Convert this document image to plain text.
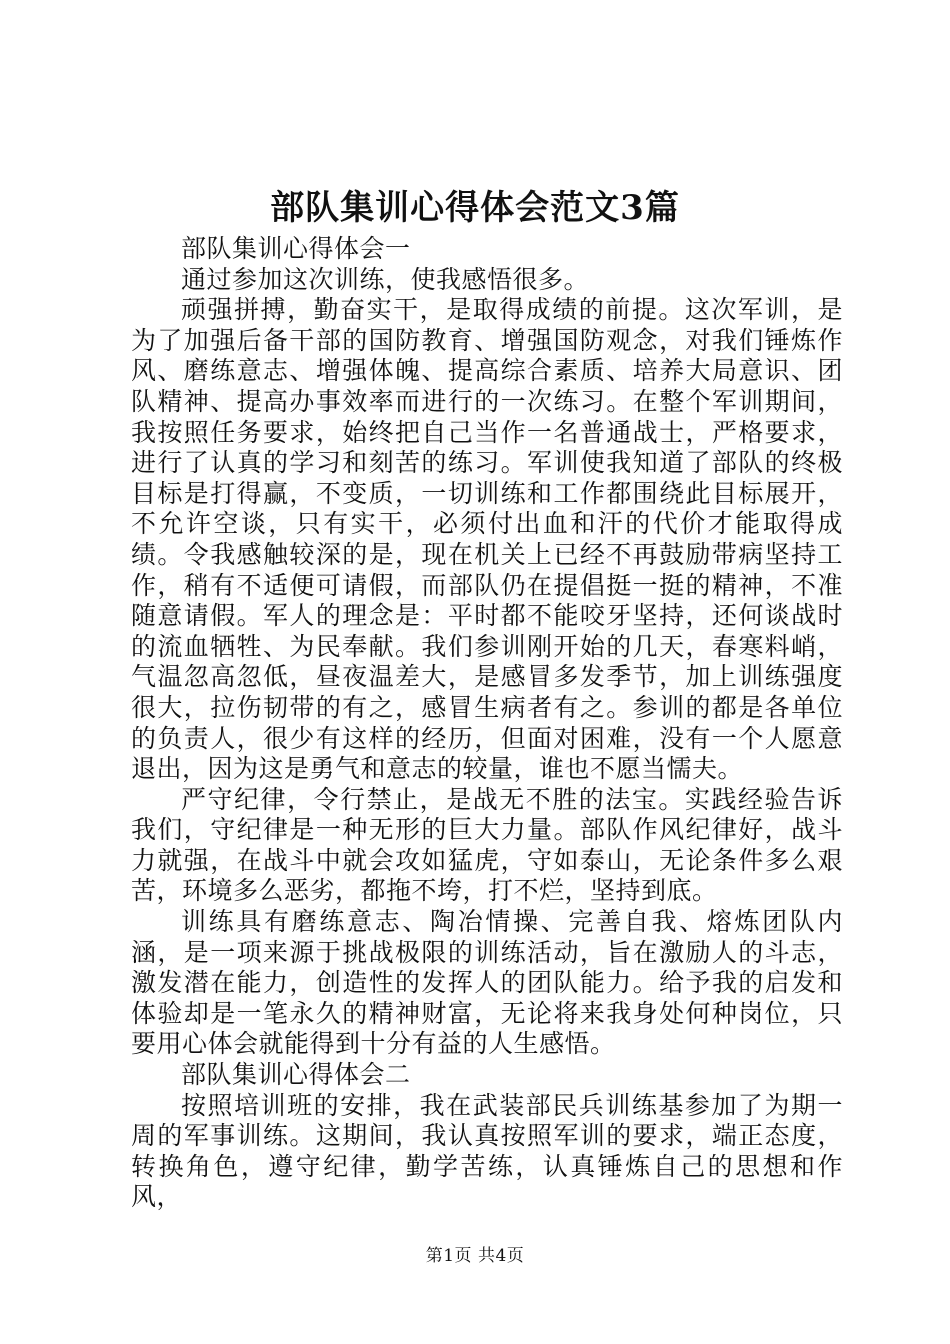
部队集训心得体会范文3篇

部队集训心得体会一

通过参加这次训练，使我感悟很多。

顽强拼搏，勤奋实干，是取得成绩的前提。这次军训，是为了加强后备干部的国防教育、增强国防观念，对我们锤炼作风、磨练意志、增强体魄、提高综合素质、培养大局意识、团队精神、提高办事效率而进行的一次练习。在整个军训期间，我按照任务要求，始终把自己当作一名普通战士，严格要求，进行了认真的学习和刻苦的练习。军训使我知道了部队的终极目标是打得赢，不变质，一切训练和工作都围绕此目标展开，不允许空谈，只有实干，必须付出血和汗的代价才能取得成绩。令我感触较深的是，现在机关上已经不再鼓励带病坚持工作，稍有不适便可请假，而部队仍在提倡挺一挺的精神，不准随意请假。军人的理念是：平时都不能咬牙坚持，还何谈战时的流血牺牲、为民奉献。我们参训刚开始的几天，春寒料峭，气温忽高忽低，昼夜温差大，是感冒多发季节，加上训练强度很大，拉伤韧带的有之，感冒生病者有之。参训的都是各单位的负责人，很少有这样的经历，但面对困难，没有一个人愿意退出，因为这是勇气和意志的较量，谁也不愿当懦夫。

严守纪律，令行禁止，是战无不胜的法宝。实践经验告诉我们，守纪律是一种无形的巨大力量。部队作风纪律好，战斗力就强，在战斗中就会攻如猛虎，守如泰山，无论条件多么艰苦，环境多么恶劣，都拖不垮，打不烂，坚持到底。

训练具有磨练意志、陶冶情操、完善自我、熔炼团队内涵，是一项来源于挑战极限的训练活动，旨在激励人的斗志，激发潜在能力，创造性的发挥人的团队能力。给予我的启发和体验却是一笔永久的精神财富，无论将来我身处何种岗位，只要用心体会就能得到十分有益的人生感悟。

部队集训心得体会二

按照培训班的安排，我在武装部民兵训练基参加了为期一周的军事训练。这期间，我认真按照军训的要求，端正态度，转换角色，遵守纪律，勤学苦练，认真锤炼自己的思想和作风，

第1页 共4页
